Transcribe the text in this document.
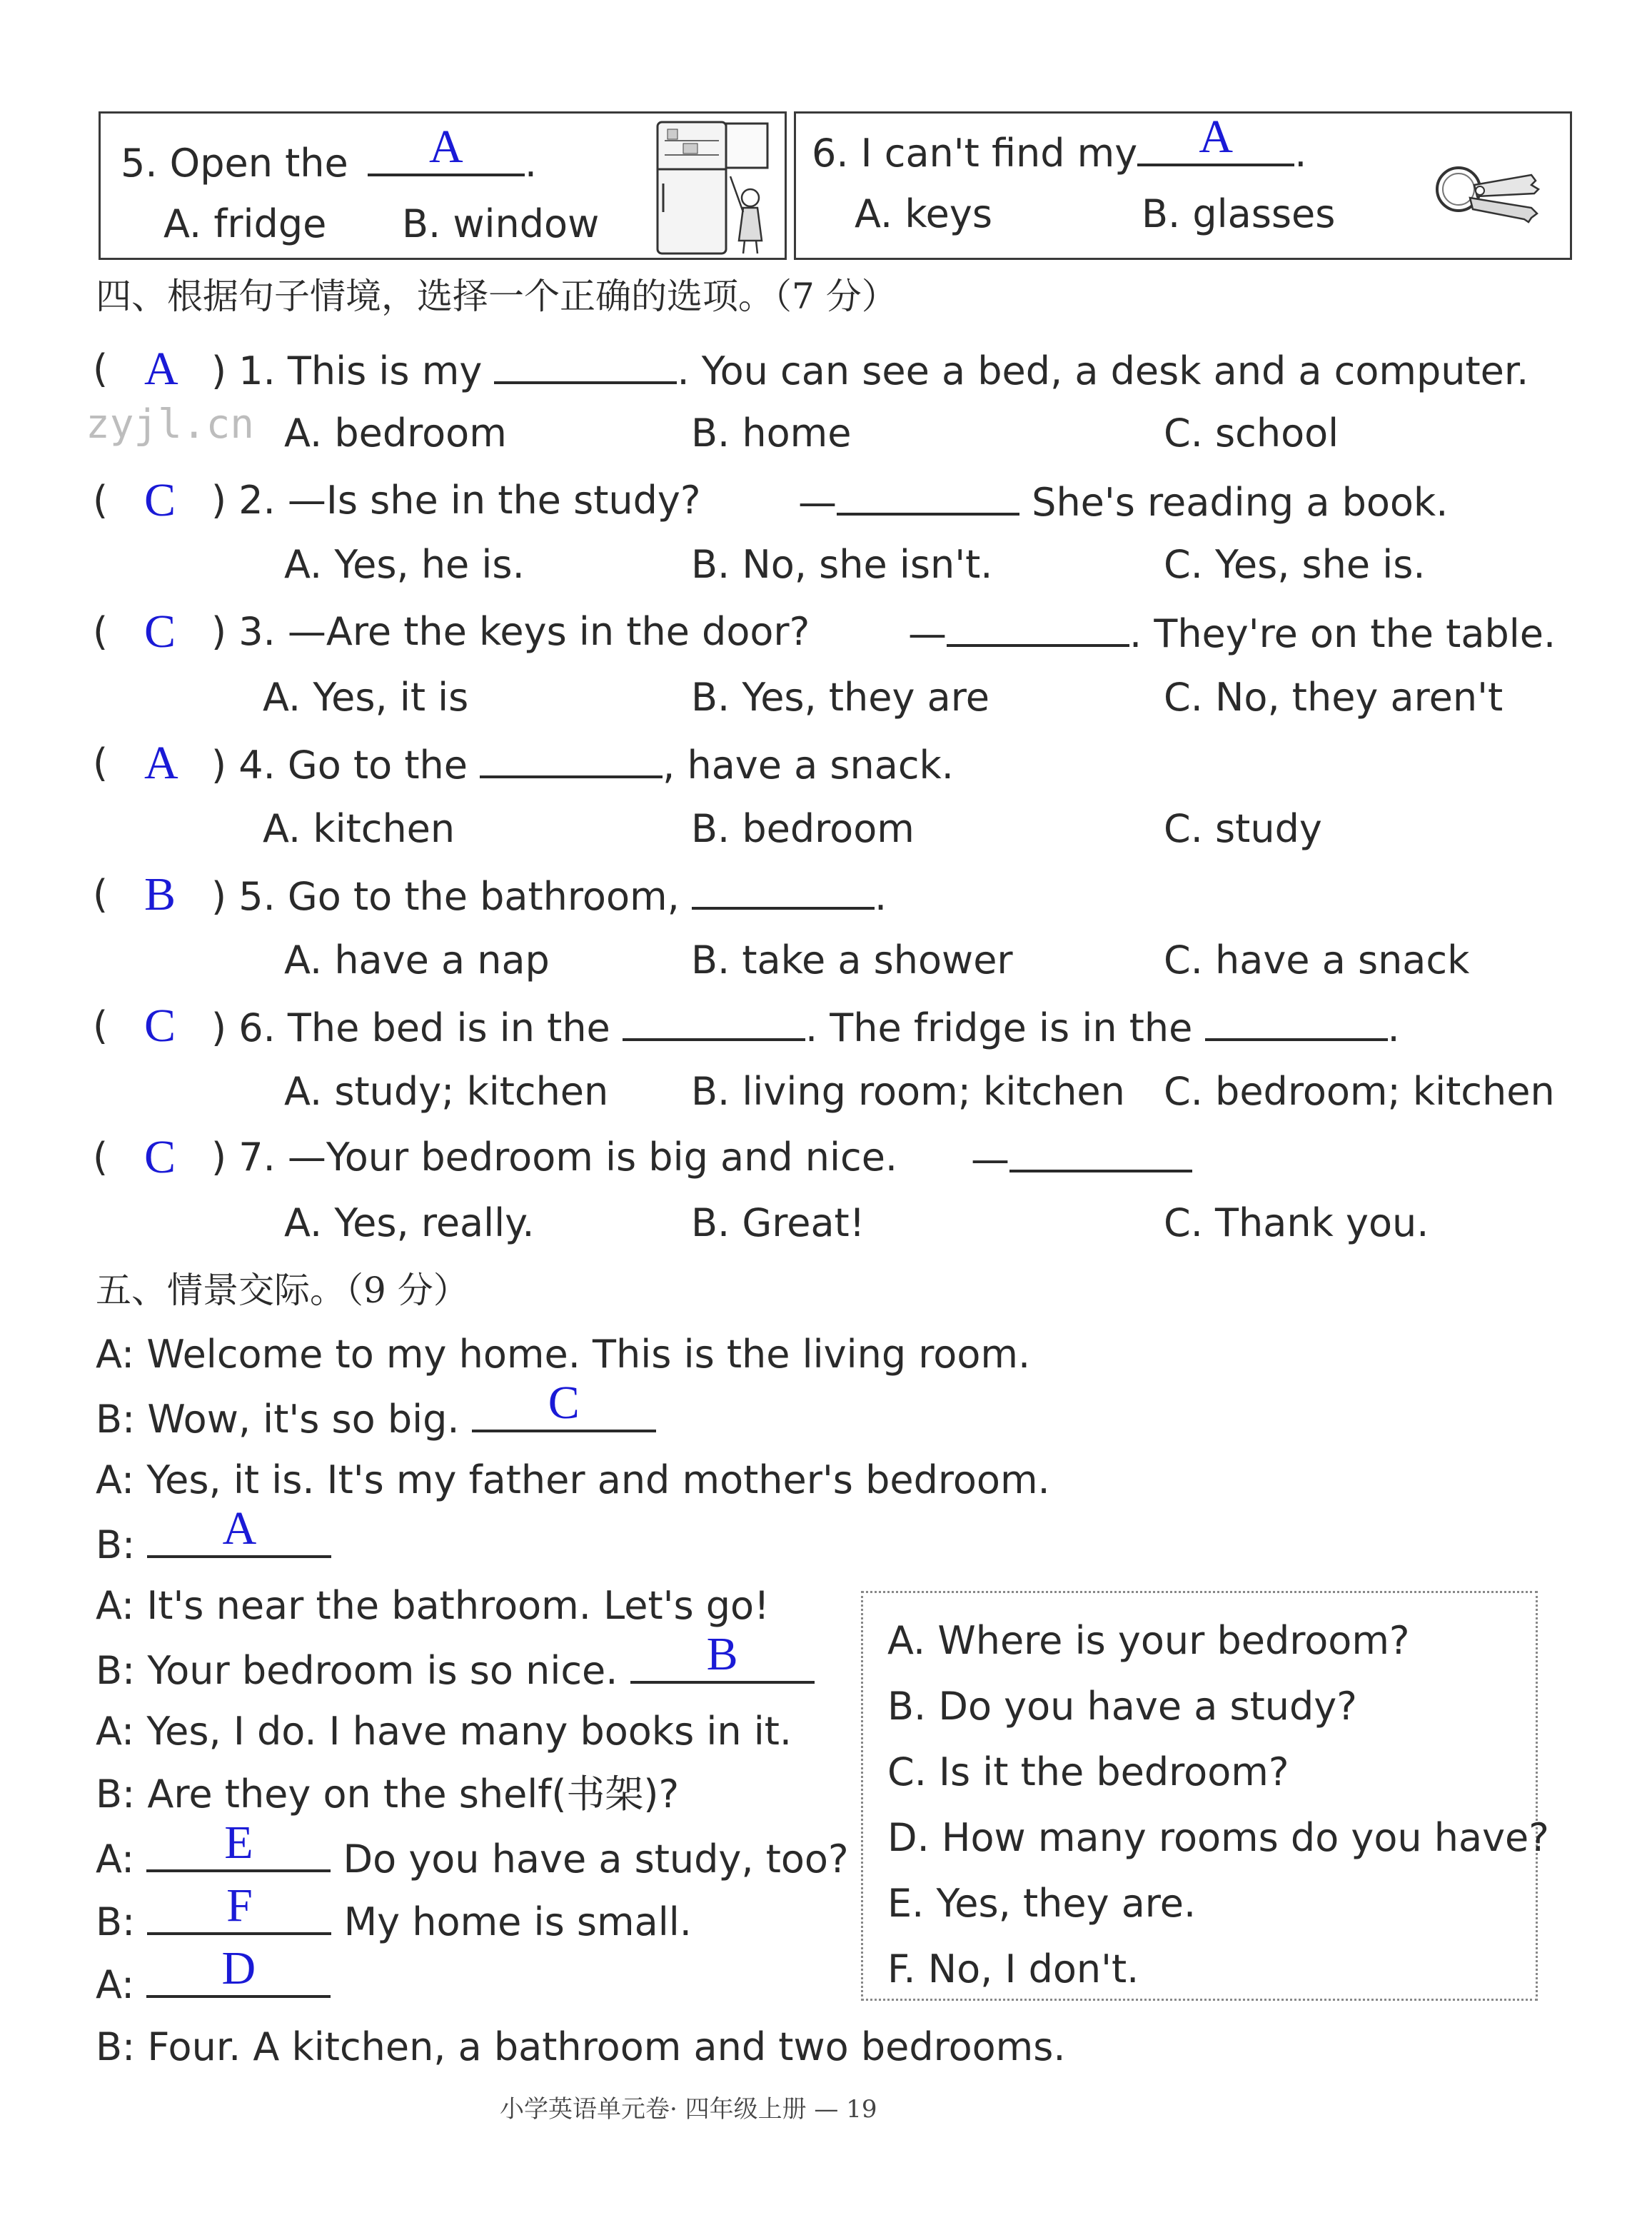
5. Open the A .
A. fridge B. window
6. I can't find my A .
A. keys	B. glasses
四、根据句子情境，选择一个正确的选项。（7 分）
zyjl.cn
( A ) 1. This is my	. You can see a bed, a desk and a computer.
A. bedroom	B. home	C. school
( C ) 2. —Is she in the study?	—	She's reading a book.
A. Yes, he is.	B. No, she isn't.	C. Yes, she is.
( C ) 3. —Are the keys in the door?	—	. They're on the table.
A. Yes, it is	B. Yes, they are	C. No, they aren't
( A ) 4. Go to the	, have a snack.
A. kitchen	B. bedroom	C. study
( B ) 5. Go to the bathroom,	.
A. have a nap	B. take a shower	C. have a snack
( C ) 6. The bed is in the	. The fridge is in the	.
A. study; kitchen B. living room; kitchen C. bedroom; kitchen
( C ) 7. —Your bedroom is big and nice. —
A. Yes, really.	B. Great!	C. Thank you.
五、情景交际。（9 分）
A: Welcome to my home. This is the living room.
B: Wow, it's so big. C
A: Yes, it is. It's my father and mother's bedroom.
B: A
A: It's near the bathroom. Let's go!
B: Your bedroom is so nice. B
A: Yes, I do. I have many books in it.
B: Are they on the shelf(书架)?
A: E Do you have a study, too?
B: F My home is small.
A: D
B: Four. A kitchen, a bathroom and two bedrooms.
A. Where is your bedroom?
B. Do you have a study?
C. Is it the bedroom?
D. How many rooms do you have?
E. Yes, they are.
F. No, I don't.
小学英语单元卷· 四年级上册 — 19
